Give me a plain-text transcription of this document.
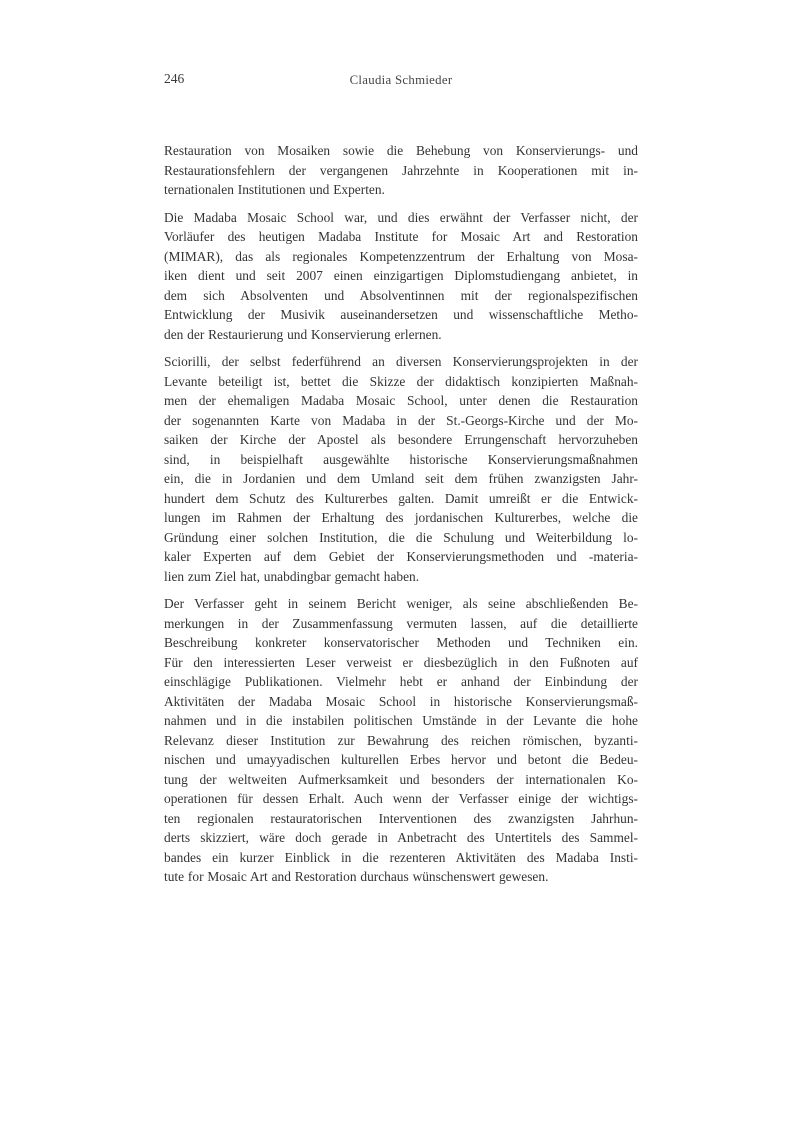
246	Claudia Schmieder
Restauration von Mosaiken sowie die Behebung von Konservierungs- und
Restaurationsfehlern der vergangenen Jahrzehnte in Kooperationen mit in-
ternationalen Institutionen und Experten.
Die Madaba Mosaic School war, und dies erwähnt der Verfasser nicht, der
Vorläufer des heutigen Madaba Institute for Mosaic Art and Restoration
(MIMAR), das als regionales Kompetenzzentrum der Erhaltung von Mosa-
iken dient und seit 2007 einen einzigartigen Diplomstudiengang anbietet, in
dem sich Absolventen und Absolventinnen mit der regionalspezifischen
Entwicklung der Musivik auseinandersetzen und wissenschaftliche Metho-
den der Restaurierung und Konservierung erlernen.
Sciorilli, der selbst federführend an diversen Konservierungsprojekten in der
Levante beteiligt ist, bettet die Skizze der didaktisch konzipierten Maßnah-
men der ehemaligen Madaba Mosaic School, unter denen die Restauration
der sogenannten Karte von Madaba in der St.-Georgs-Kirche und der Mo-
saiken der Kirche der Apostel als besondere Errungenschaft hervorzuheben
sind, in beispielhaft ausgewählte historische Konservierungsmaßnahmen
ein, die in Jordanien und dem Umland seit dem frühen zwanzigsten Jahr-
hundert dem Schutz des Kulturerbes galten. Damit umreißt er die Entwick-
lungen im Rahmen der Erhaltung des jordanischen Kulturerbes, welche die
Gründung einer solchen Institution, die die Schulung und Weiterbildung lo-
kaler Experten auf dem Gebiet der Konservierungsmethoden und -materia-
lien zum Ziel hat, unabdingbar gemacht haben.
Der Verfasser geht in seinem Bericht weniger, als seine abschließenden Be-
merkungen in der Zusammenfassung vermuten lassen, auf die detaillierte
Beschreibung konkreter konservatorischer Methoden und Techniken ein.
Für den interessierten Leser verweist er diesbezüglich in den Fußnoten auf
einschlägige Publikationen. Vielmehr hebt er anhand der Einbindung der
Aktivitäten der Madaba Mosaic School in historische Konservierungsmaß-
nahmen und in die instabilen politischen Umstände in der Levante die hohe
Relevanz dieser Institution zur Bewahrung des reichen römischen, byzanti-
nischen und umayyadischen kulturellen Erbes hervor und betont die Bedeu-
tung der weltweiten Aufmerksamkeit und besonders der internationalen Ko-
operationen für dessen Erhalt. Auch wenn der Verfasser einige der wichtigs-
ten regionalen restauratorischen Interventionen des zwanzigsten Jahrhun-
derts skizziert, wäre doch gerade in Anbetracht des Untertitels des Sammel-
bandes ein kurzer Einblick in die rezenteren Aktivitäten des Madaba Insti-
tute for Mosaic Art and Restoration durchaus wünschenswert gewesen.
